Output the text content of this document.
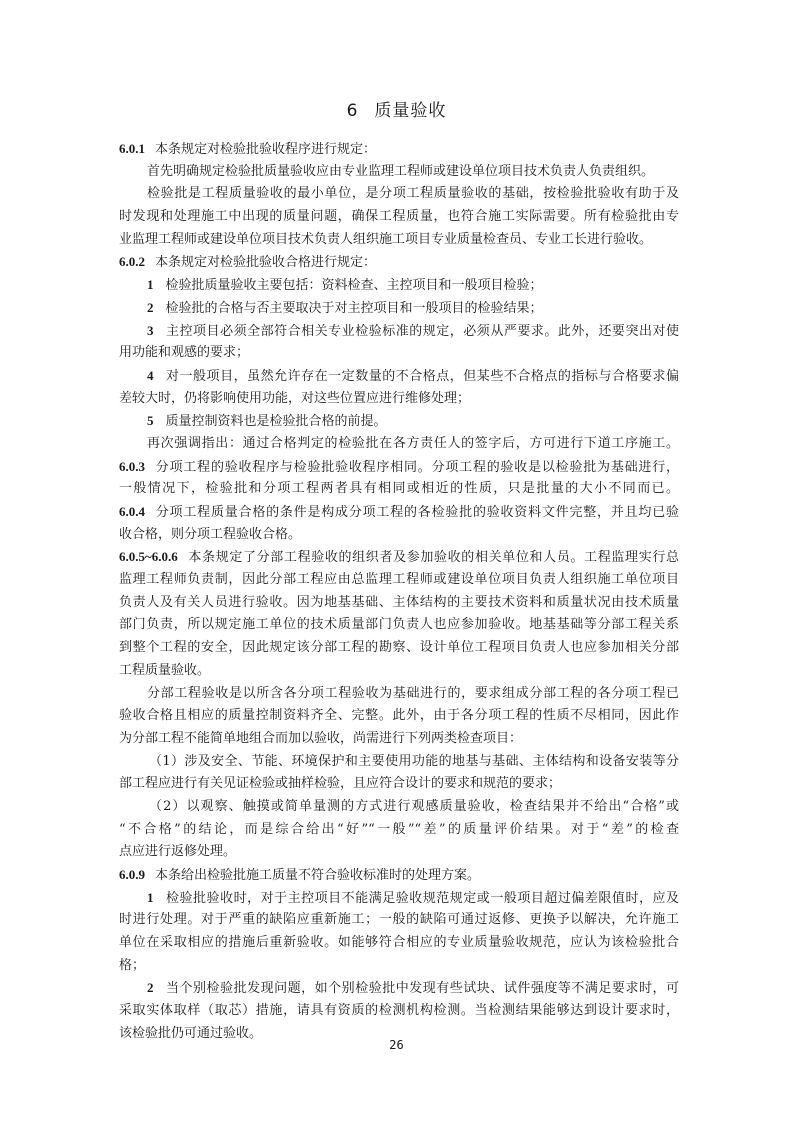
6 质量验收
6.0.1 本条规定对检验批验收程序进行规定：
首先明确规定检验批质量验收应由专业监理工程师或建设单位项目技术负责人负责组织。
检验批是工程质量验收的最小单位，是分项工程质量验收的基础，按检验批验收有助于及
时发现和处理施工中出现的质量问题，确保工程质量，也符合施工实际需要。所有检验批由专
业监理工程师或建设单位项目技术负责人组织施工项目专业质量检查员、专业工长进行验收。
6.0.2 本条规定对检验批验收合格进行规定：
1 检验批质量验收主要包括：资料检查、主控项目和一般项目检验；
2 检验批的合格与否主要取决于对主控项目和一般项目的检验结果；
3 主控项目必须全部符合相关专业检验标准的规定，必须从严要求。此外，还要突出对使
用功能和观感的要求；
4 对一般项目，虽然允许存在一定数量的不合格点，但某些不合格点的指标与合格要求偏
差较大时，仍将影响使用功能，对这些位置应进行维修处理；
5 质量控制资料也是检验批合格的前提。
再次强调指出：通过合格判定的检验批在各方责任人的签字后，方可进行下道工序施工。
6.0.3 分项工程的验收程序与检验批验收程序相同。分项工程的验收是以检验批为基础进行，
一般情况下，检验批和分项工程两者具有相同或相近的性质，只是批量的大小不同而已。
6.0.4 分项工程质量合格的条件是构成分项工程的各检验批的验收资料文件完整，并且均已验
收合格，则分项工程验收合格。
6.0.5~6.0.6 本条规定了分部工程验收的组织者及参加验收的相关单位和人员。工程监理实行总
监理工程师负责制，因此分部工程应由总监理工程师或建设单位项目负责人组织施工单位项目
负责人及有关人员进行验收。因为地基基础、主体结构的主要技术资料和质量状况由技术质量
部门负责，所以规定施工单位的技术质量部门负责人也应参加验收。地基基础等分部工程关系
到整个工程的安全，因此规定该分部工程的勘察、设计单位工程项目负责人也应参加相关分部
工程质量验收。
分部工程验收是以所含各分项工程验收为基础进行的，要求组成分部工程的各分项工程已
验收合格且相应的质量控制资料齐全、完整。此外，由于各分项工程的性质不尽相同，因此作
为分部工程不能简单地组合而加以验收，尚需进行下列两类检查项目：
（1）涉及安全、节能、环境保护和主要使用功能的地基与基础、主体结构和设备安装等分
部工程应进行有关见证检验或抽样检验，且应符合设计的要求和规范的要求；
（2）以观察、触摸或简单量测的方式进行观感质量验收，检查结果并不给出“合格”或
“不合格”的结论，而是综合给出“好”“一般”“差”的质量评价结果。对于“差”的检查
点应进行返修处理。
6.0.9 本条给出检验批施工质量不符合验收标准时的处理方案。
1 检验批验收时，对于主控项目不能满足验收规范规定或一般项目超过偏差限值时，应及
时进行处理。对于严重的缺陷应重新施工；一般的缺陷可通过返修、更换予以解决，允许施工
单位在采取相应的措施后重新验收。如能够符合相应的专业质量验收规范，应认为该检验批合
格；
2 当个别检验批发现问题，如个别检验批中发现有些试块、试件强度等不满足要求时，可
采取实体取样（取芯）措施，请具有资质的检测机构检测。当检测结果能够达到设计要求时，
该检验批仍可通过验收。
26
